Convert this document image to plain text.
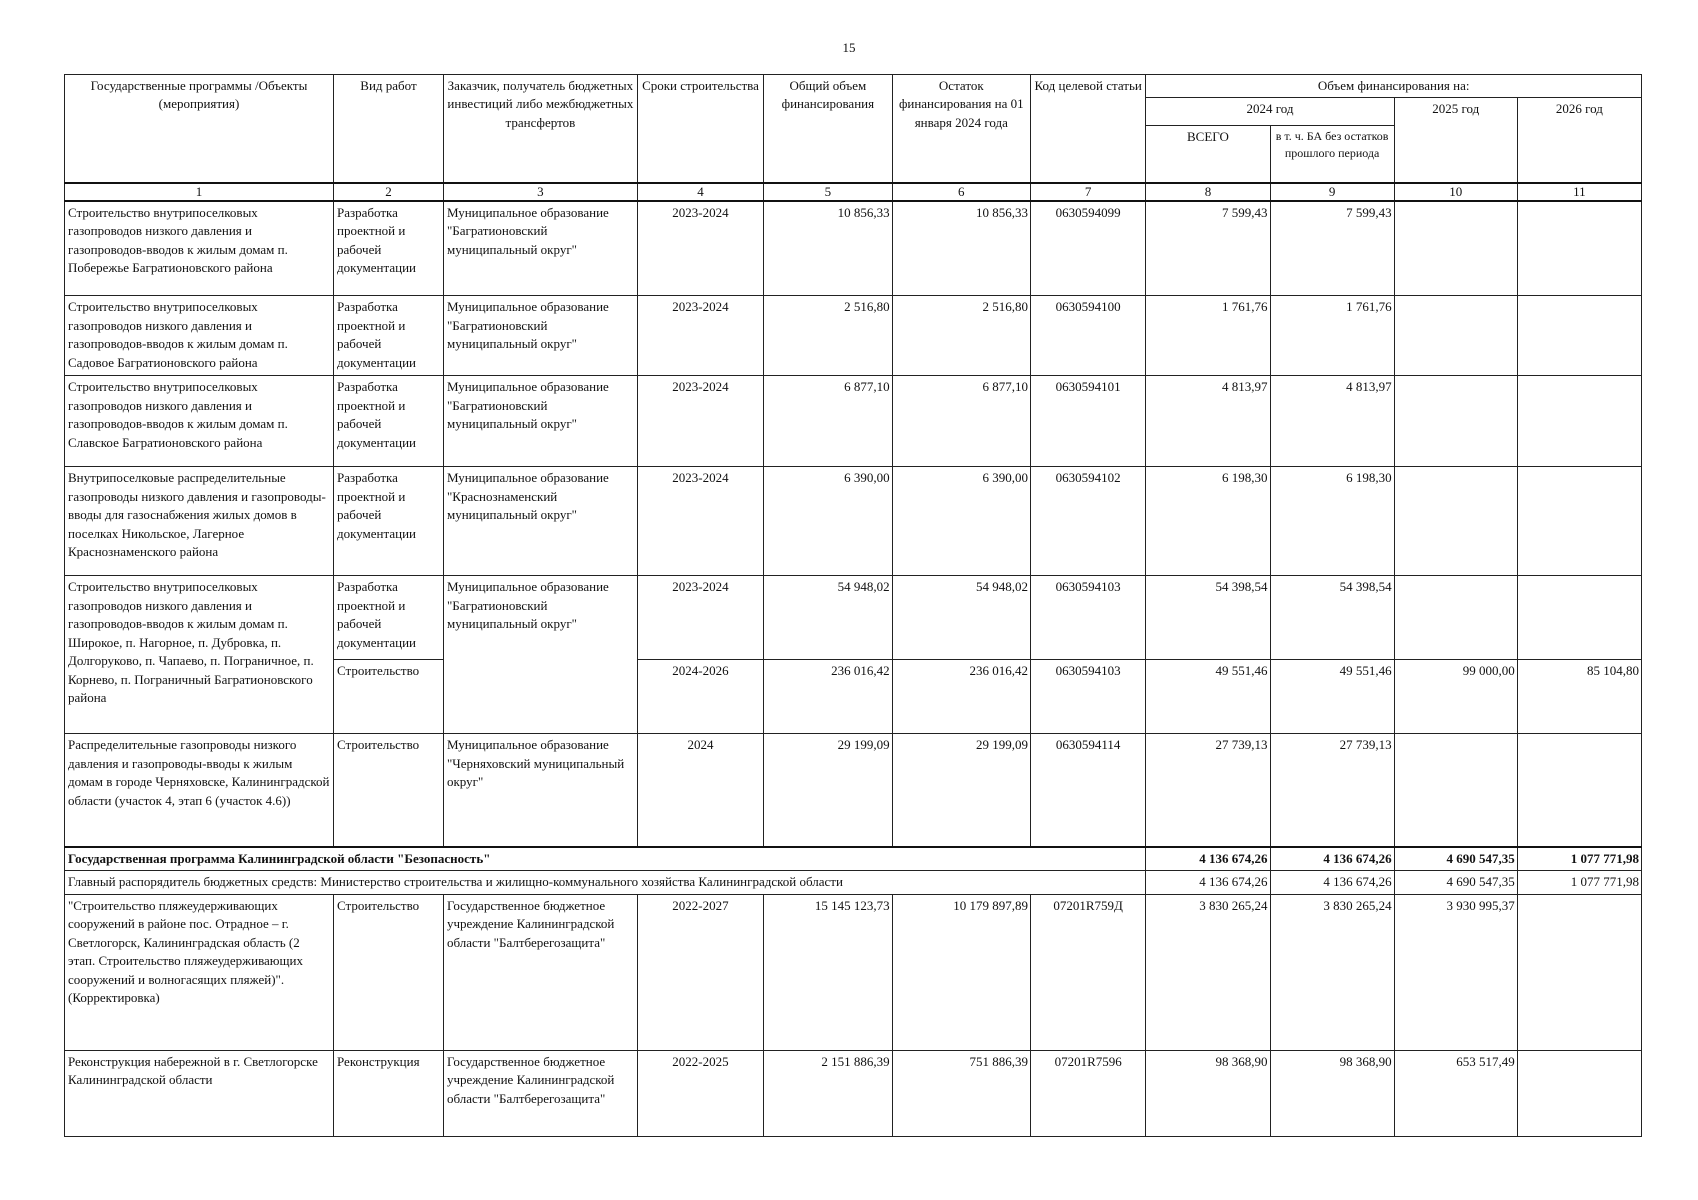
15
Государственные программы /Объекты (мероприятия)	Вид работ	Заказчик, получатель бюджетных инвестиций либо межбюджетных трансфертов	Сроки строительства	Общий объем финансирования	Остаток финансирования на 01 января 2024 года	Код целевой статьи	Объем финансирования на:			
							2024 год		2025 год	2026 год
							ВСЕГО	в т. ч. БА без остатков прошлого периода		
1	2	3	4	5	6	7	8	9	10	11
Строительство внутрипоселковых газопроводов низкого давления и газопроводов-вводов к жилым домам п. Побережье Багратионовского района	Разработка проектной и рабочей документации	Муниципальное образование "Багратионовский муниципальный округ"	2023-2024	10 856,33	10 856,33	0630594099	7 599,43	7 599,43		
Строительство внутрипоселковых газопроводов низкого давления и газопроводов-вводов к жилым домам п. Садовое Багратионовского района	Разработка проектной и рабочей документации	Муниципальное образование "Багратионовский муниципальный округ"	2023-2024	2 516,80	2 516,80	0630594100	1 761,76	1 761,76		
Строительство внутрипоселковых газопроводов низкого давления и газопроводов-вводов к жилым домам п. Славское Багратионовского района	Разработка проектной и рабочей документации	Муниципальное образование "Багратионовский муниципальный округ"	2023-2024	6 877,10	6 877,10	0630594101	4 813,97	4 813,97		
Внутрипоселковые распределительные газопроводы низкого давления и газопроводы-вводы для газоснабжения жилых домов в поселках Никольское, Лагерное Краснознаменского района	Разработка проектной и рабочей документации	Муниципальное образование "Краснознаменский муниципальный округ"	2023-2024	6 390,00	6 390,00	0630594102	6 198,30	6 198,30		
Строительство внутрипоселковых газопроводов низкого давления и газопроводов-вводов к жилым домам п. Широкое, п. Нагорное, п. Дубровка, п. Долгоруково, п. Чапаево, п. Пограничное, п. Корнево, п. Пограничный Багратионовского района	Разработка проектной и рабочей документации	Муниципальное образование "Багратионовский муниципальный округ"	2023-2024	54 948,02	54 948,02	0630594103	54 398,54	54 398,54		
	Строительство		2024-2026	236 016,42	236 016,42	0630594103	49 551,46	49 551,46	99 000,00	85 104,80
Распределительные газопроводы низкого давления и газопроводы-вводы к жилым домам в городе Черняховске, Калининградской области (участок 4, этап 6 (участок 4.6))	Строительство	Муниципальное образование "Черняховский муниципальный округ"	2024	29 199,09	29 199,09	0630594114	27 739,13	27 739,13		
Государственная программа Калининградской области "Безопасность"							4 136 674,26	4 136 674,26	4 690 547,35	1 077 771,98
Главный распорядитель бюджетных средств: Министерство строительства и жилищно-коммунального хозяйства Калининградской области							4 136 674,26	4 136 674,26	4 690 547,35	1 077 771,98
"Строительство пляжеудерживающих сооружений в районе пос. Отрадное – г. Светлогорск, Калининградская область (2 этап. Строительство пляжеудерживающих сооружений и волногасящих пляжей)". (Корректировка)	Строительство	Государственное бюджетное учреждение Калининградской области "Балтберегозащита"	2022-2027	15 145 123,73	10 179 897,89	07201R759Д	3 830 265,24	3 830 265,24	3 930 995,37	
Реконструкция набережной в г. Светлогорске Калининградской области	Реконструкция	Государственное бюджетное учреждение Калининградской области "Балтберегозащита"	2022-2025	2 151 886,39	751 886,39	07201R7596	98 368,90	98 368,90	653 517,49	
